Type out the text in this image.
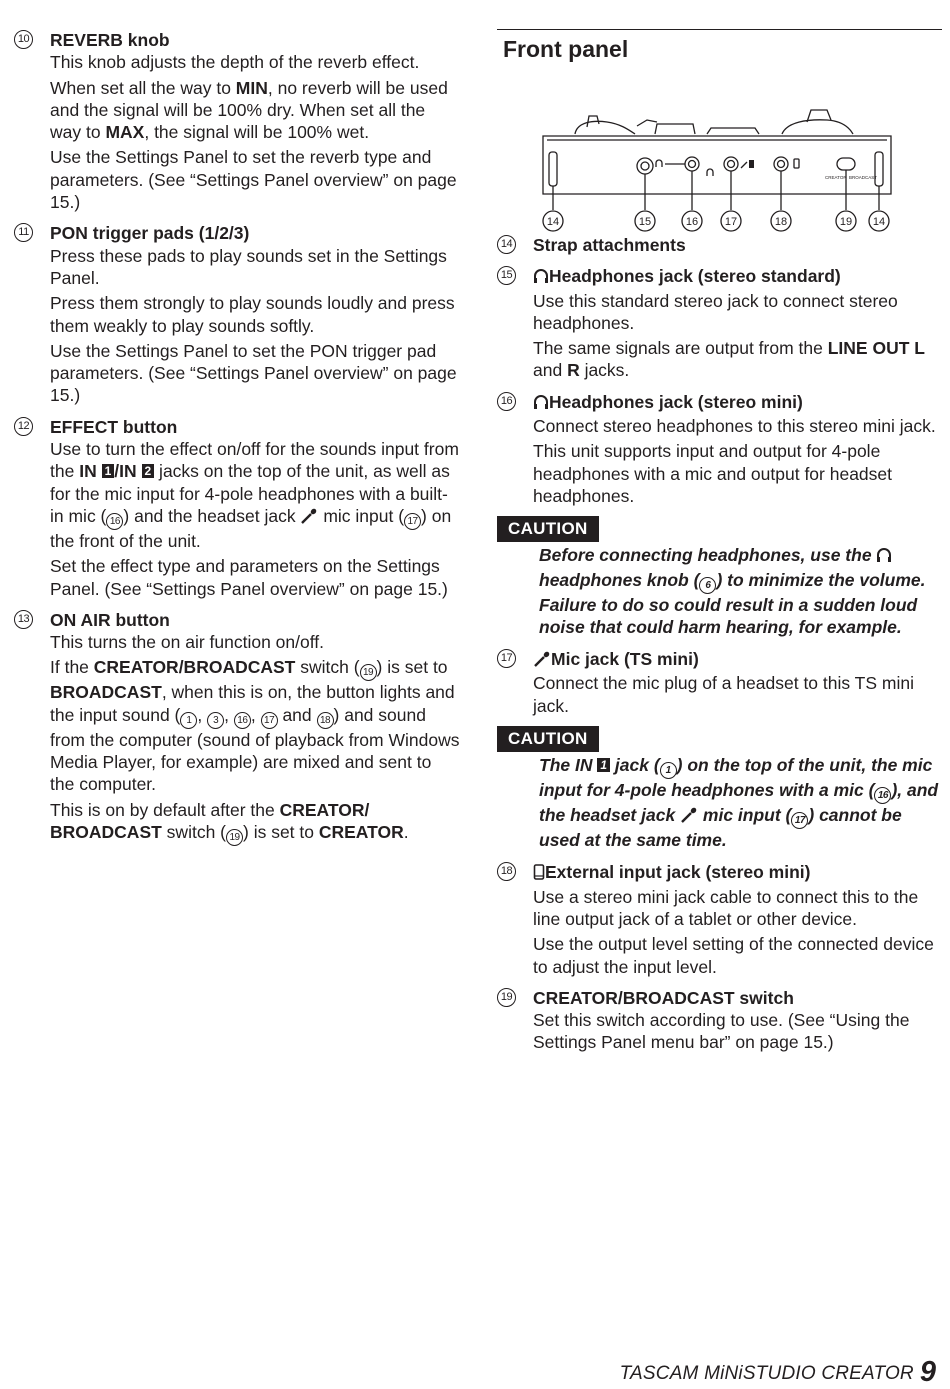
10 REVERB knob
This knob adjusts the depth of the reverb effect.
When set all the way to MIN, no reverb will be used and the signal will be 100% dry. When set all the way to MAX, the signal will be 100% wet.
Use the Settings Panel to set the reverb type and parameters. (See “Settings Panel overview” on page 15.)
11 PON trigger pads (1/2/3)
Press these pads to play sounds set in the Settings Panel.
Press them strongly to play sounds loudly and press them weakly to play sounds softly.
Use the Settings Panel to set the PON trigger pad parameters. (See “Settings Panel overview” on page 15.)
12 EFFECT button
Use to turn the effect on/off for the sounds input from the IN 1 /IN 2 jacks on the top of the unit, as well as for the mic input for 4-pole headphones with a built-in mic ( 16 ) and the headset jack  mic input ( 17 ) on the front of the unit.
Set the effect type and parameters on the Settings Panel. (See “Settings Panel overview” on page 15.)
13 ON AIR button
This turns the on air function on/off.
If the CREATOR/BROADCAST switch ( 19 ) is set to BROADCAST, when this is on, the button lights and the input sound ( 1 , 3 , 16 , 17 and 18 ) and sound from the computer (sound of playback from Windows Media Player, for example) are mixed and sent to the computer.
This is on by default after the CREATOR/ BROADCAST switch ( 19 ) is set to CREATOR.
Front panel
CREATOR BROADCAST
14	15	16 17	18	19 14
14 Strap attachments
15	Headphones jack (stereo standard)
Use this standard stereo jack to connect stereo headphones.
The same signals are output from the LINE OUT L and R jacks.
16	Headphones jack (stereo mini)
Connect stereo headphones to this stereo mini jack.
This unit supports input and output for 4-pole headphones with a mic and output for headset headphones.
CAUTION
Before connecting headphones, use the  headphones knob ( 6 ) to minimize the volume. Failure to do so could result in a sudden loud noise that could harm hearing, for example.
17	Mic jack (TS mini)
Connect the mic plug of a headset to this TS mini jack.
CAUTION
The IN 1 jack ( 1 ) on the top of the unit, the mic input for 4-pole headphones with a mic ( 16 ), and the headset jack  mic input ( 17 ) cannot be used at the same time.
18	External input jack (stereo mini)
Use a stereo mini jack cable to connect this to the line output jack of a tablet or other device.
Use the output level setting of the connected device to adjust the input level.
19 CREATOR/BROADCAST switch
Set this switch according to use. (See “Using the Settings Panel menu bar” on page 15.)
TASCAM MiNiSTUDIO CREATOR 9
